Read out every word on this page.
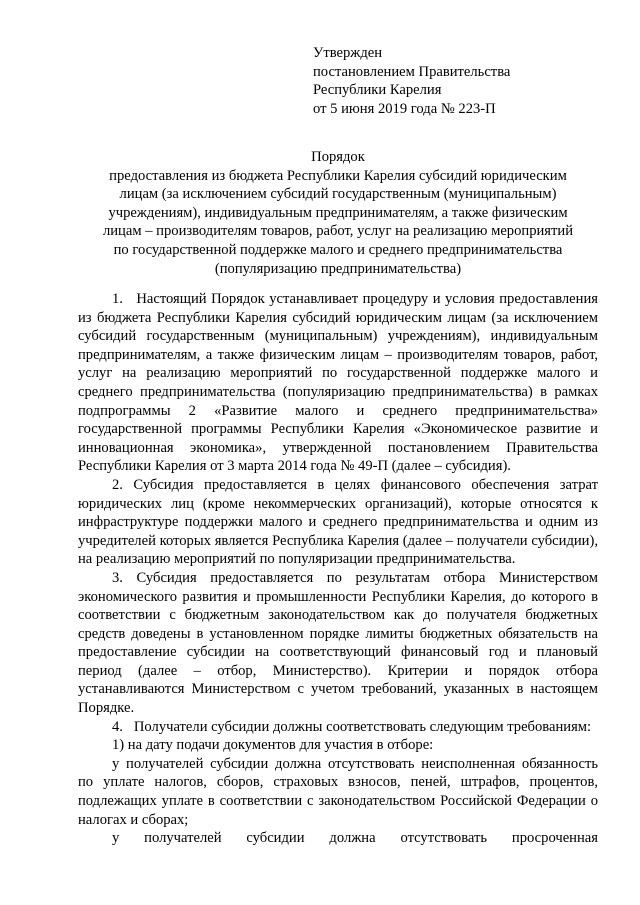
Утвержден
постановлением Правительства
Республики Карелия
от 5 июня 2019 года № 223-П
Порядок
предоставления из бюджета Республики Карелия субсидий юридическим
лицам (за исключением субсидий государственным (муниципальным)
учреждениям), индивидуальным предпринимателям, а также физическим
лицам – производителям товаров, работ, услуг на реализацию мероприятий
по государственной поддержке малого и среднего предпринимательства
(популяризацию предпринимательства)

1.   Настоящий Порядок устанавливает процедуру и условия предоставления из бюджета Республики Карелия субсидий юридическим лицам (за исключением субсидий государственным (муниципальным) учреждениям), индивидуальным предпринимателям, а также физическим лицам – производителям товаров, работ, услуг на реализацию мероприятий по государственной поддержке малого и среднего предпринимательства (популяризацию предпринимательства) в рамках подпрограммы 2 «Развитие малого и среднего предпринимательства» государственной программы Республики Карелия «Экономическое развитие и инновационная экономика», утвержденной постановлением Правительства Республики Карелия от 3 марта 2014 года № 49-П (далее – субсидия).

2. Субсидия предоставляется в целях финансового обеспечения затрат юридических лиц (кроме некоммерческих организаций), которые относятся к инфраструктуре поддержки малого и среднего предпринимательства и одним из учредителей которых является Республика Карелия (далее – получатели субсидии), на реализацию мероприятий по популяризации предпринимательства.

3. Субсидия предоставляется по результатам отбора Министерством экономического развития и промышленности Республики Карелия, до которого в соответствии с бюджетным законодательством как до получателя бюджетных средств доведены в установленном порядке лимиты бюджетных обязательств на предоставление субсидии на соответствующий финансовый год и плановый период (далее – отбор, Министерство). Критерии и порядок отбора устанавливаются Министерством с учетом требований, указанных в настоящем Порядке.

4.   Получатели субсидии должны соответствовать следующим требованиям:

1) на дату подачи документов для участия в отборе:

у получателей субсидии должна отсутствовать неисполненная обязанность по уплате налогов, сборов, страховых взносов, пеней, штрафов, процентов, подлежащих уплате в соответствии с законодательством Российской Федерации о налогах и сборах;

у получателей субсидии должна отсутствовать просроченная
